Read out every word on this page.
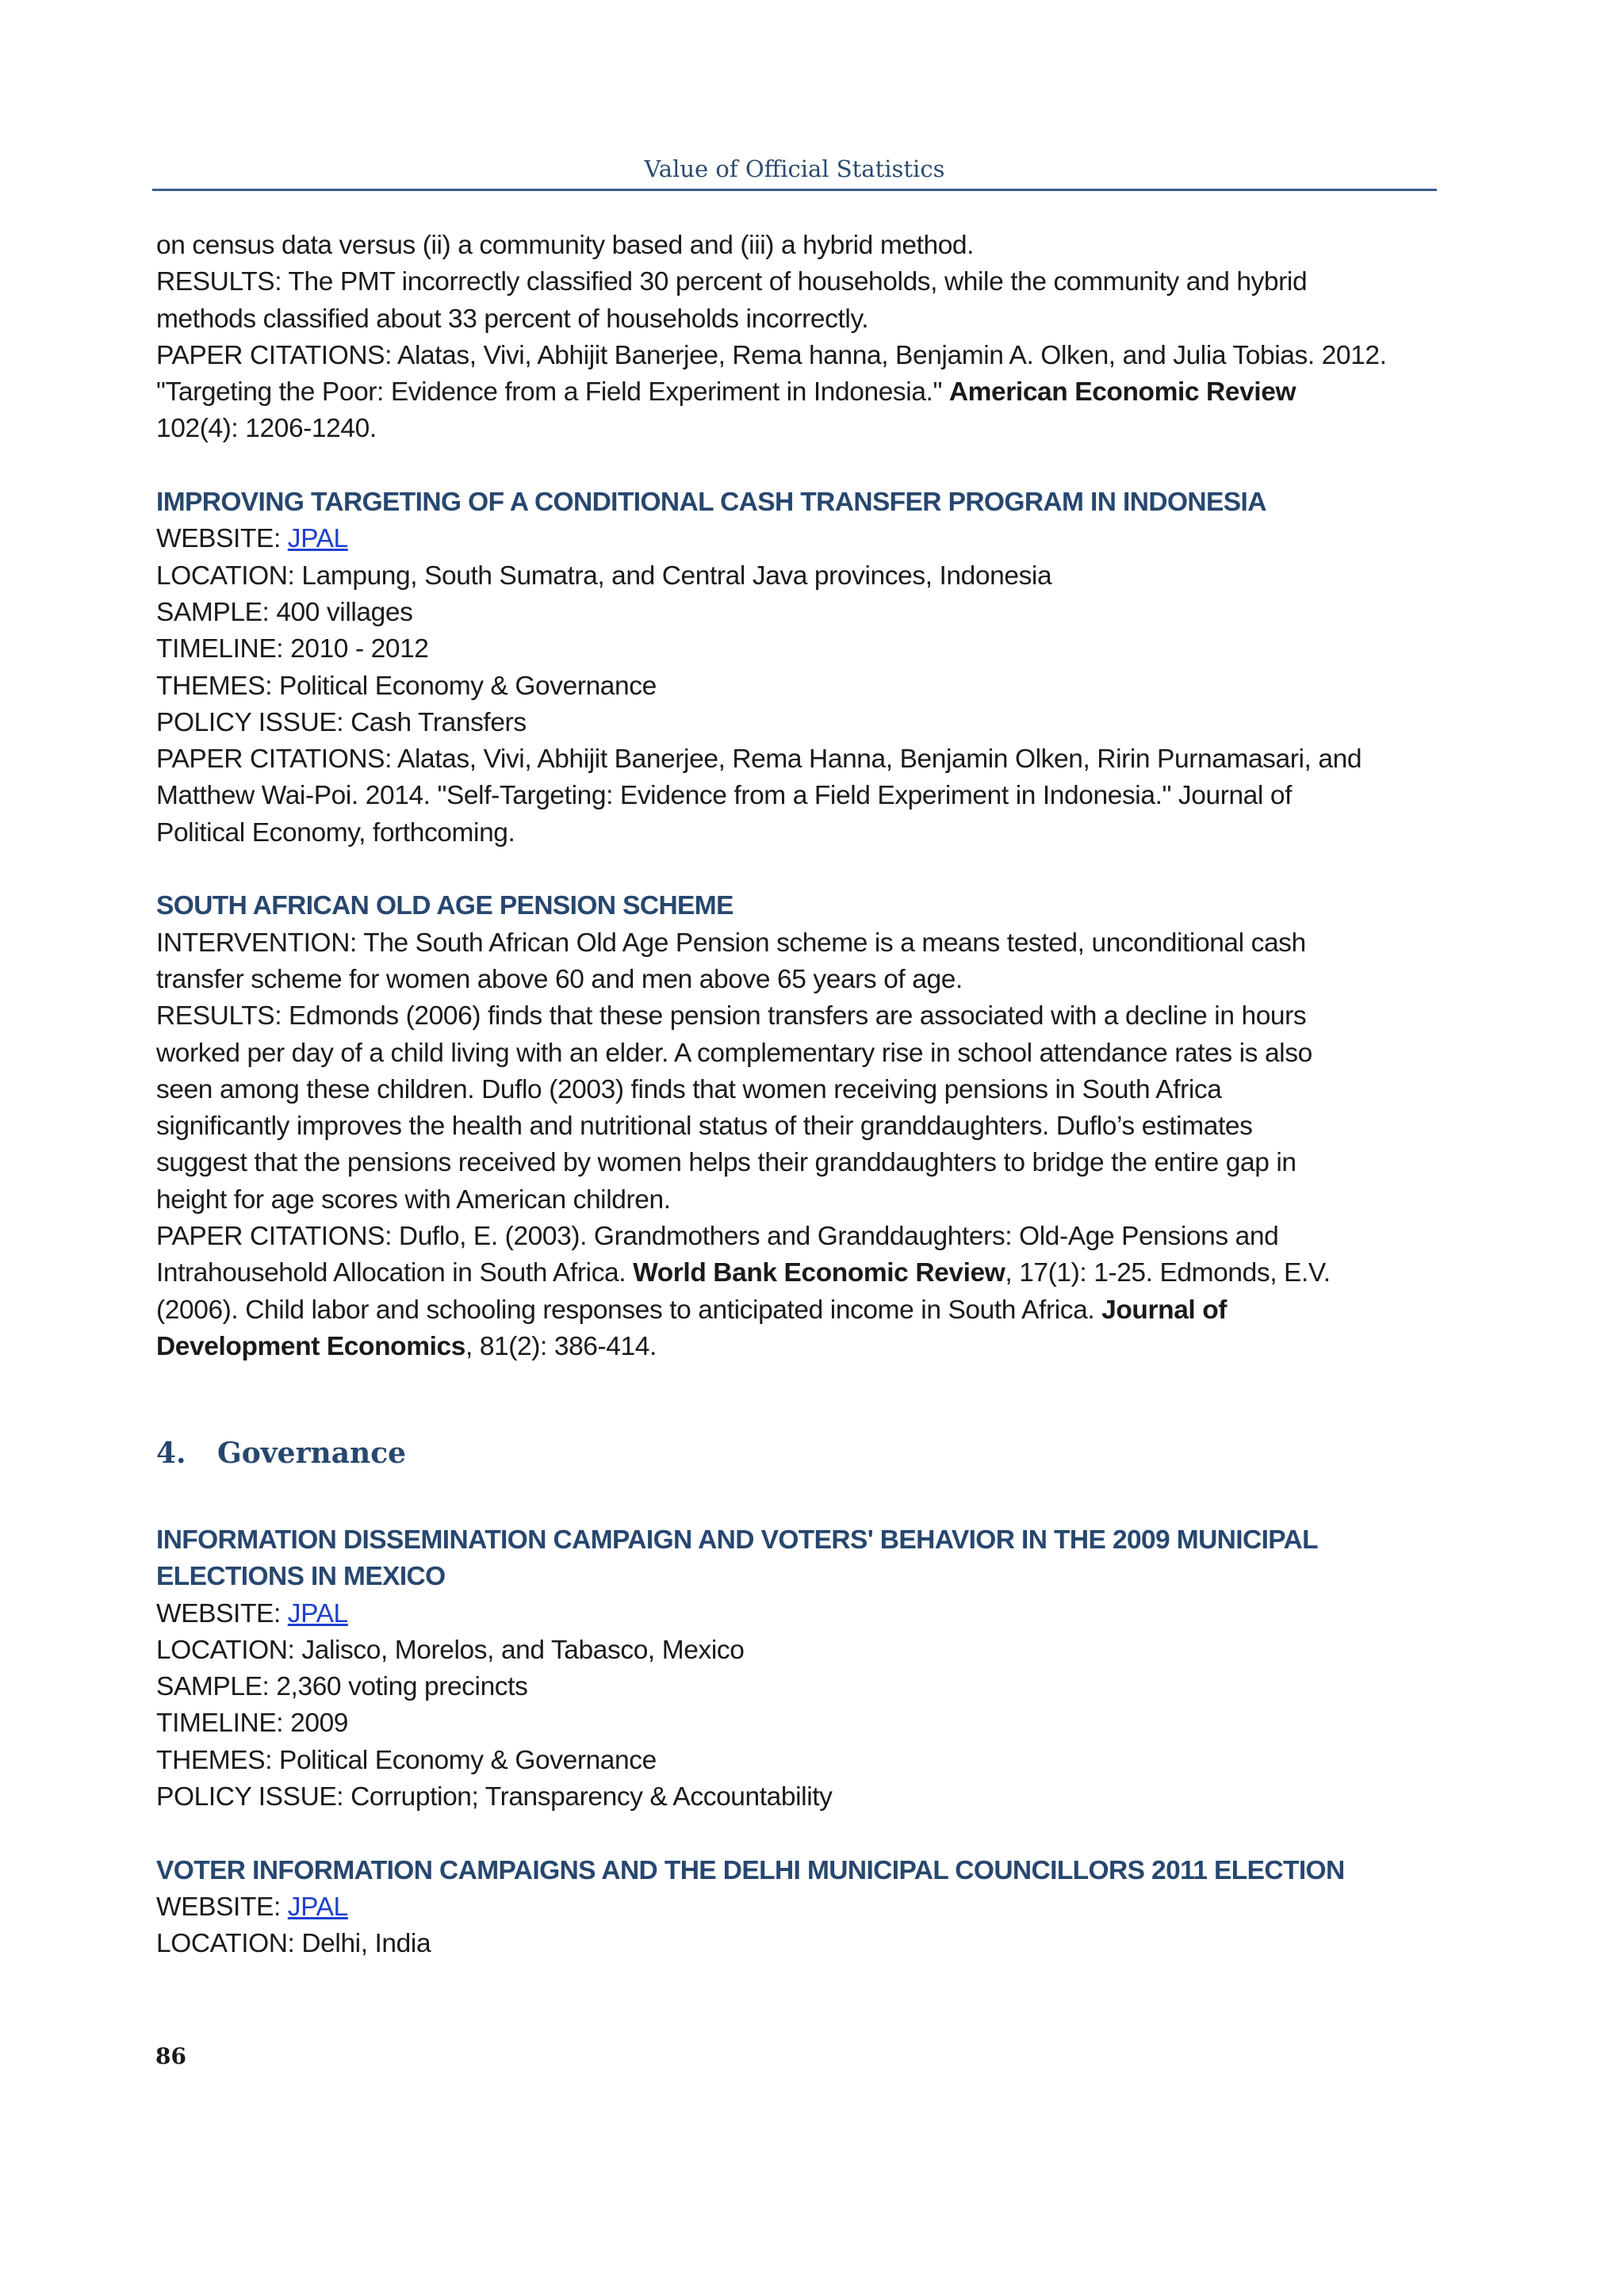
Value of Official Statistics

on census data versus (ii) a community based and (iii) a hybrid method.

RESULTS: The PMT incorrectly classified 30 percent of households, while the community and hybrid

methods classified about 33 percent of households incorrectly.

PAPER CITATIONS: Alatas, Vivi, Abhijit Banerjee, Rema hanna, Benjamin A. Olken, and Julia Tobias. 2012.

"Targeting the Poor: Evidence from a Field Experiment in Indonesia." American Economic Review

102(4): 1206-1240.

IMPROVING TARGETING OF A CONDITIONAL CASH TRANSFER PROGRAM IN INDONESIA

WEBSITE: JPAL

LOCATION: Lampung, South Sumatra, and Central Java provinces, Indonesia

SAMPLE: 400 villages

TIMELINE: 2010 - 2012

THEMES: Political Economy & Governance

POLICY ISSUE: Cash Transfers

PAPER CITATIONS: Alatas, Vivi, Abhijit Banerjee, Rema Hanna, Benjamin Olken, Ririn Purnamasari, and

Matthew Wai-Poi. 2014. "Self-Targeting: Evidence from a Field Experiment in Indonesia." Journal of

Political Economy, forthcoming.

SOUTH AFRICAN OLD AGE PENSION SCHEME

INTERVENTION: The South African Old Age Pension scheme is a means tested, unconditional cash

transfer scheme for women above 60 and men above 65 years of age.

RESULTS: Edmonds (2006) finds that these pension transfers are associated with a decline in hours

worked per day of a child living with an elder. A complementary rise in school attendance rates is also

seen among these children. Duflo (2003) finds that women receiving pensions in South Africa

significantly improves the health and nutritional status of their granddaughters. Duflo’s estimates

suggest that the pensions received by women helps their granddaughters to bridge the entire gap in

height for age scores with American children.

PAPER CITATIONS: Duflo, E. (2003). Grandmothers and Granddaughters: Old-Age Pensions and

Intrahousehold Allocation in South Africa. World Bank Economic Review, 17(1): 1-25. Edmonds, E.V.

(2006). Child labor and schooling responses to anticipated income in South Africa. Journal of

Development Economics, 81(2): 386-414.

4. Governance

INFORMATION DISSEMINATION CAMPAIGN AND VOTERS' BEHAVIOR IN THE 2009 MUNICIPAL

ELECTIONS IN MEXICO

WEBSITE: JPAL

LOCATION: Jalisco, Morelos, and Tabasco, Mexico

SAMPLE: 2,360 voting precincts

TIMELINE: 2009

THEMES: Political Economy & Governance

POLICY ISSUE: Corruption; Transparency & Accountability

VOTER INFORMATION CAMPAIGNS AND THE DELHI MUNICIPAL COUNCILLORS 2011 ELECTION

WEBSITE: JPAL

LOCATION: Delhi, India

86
